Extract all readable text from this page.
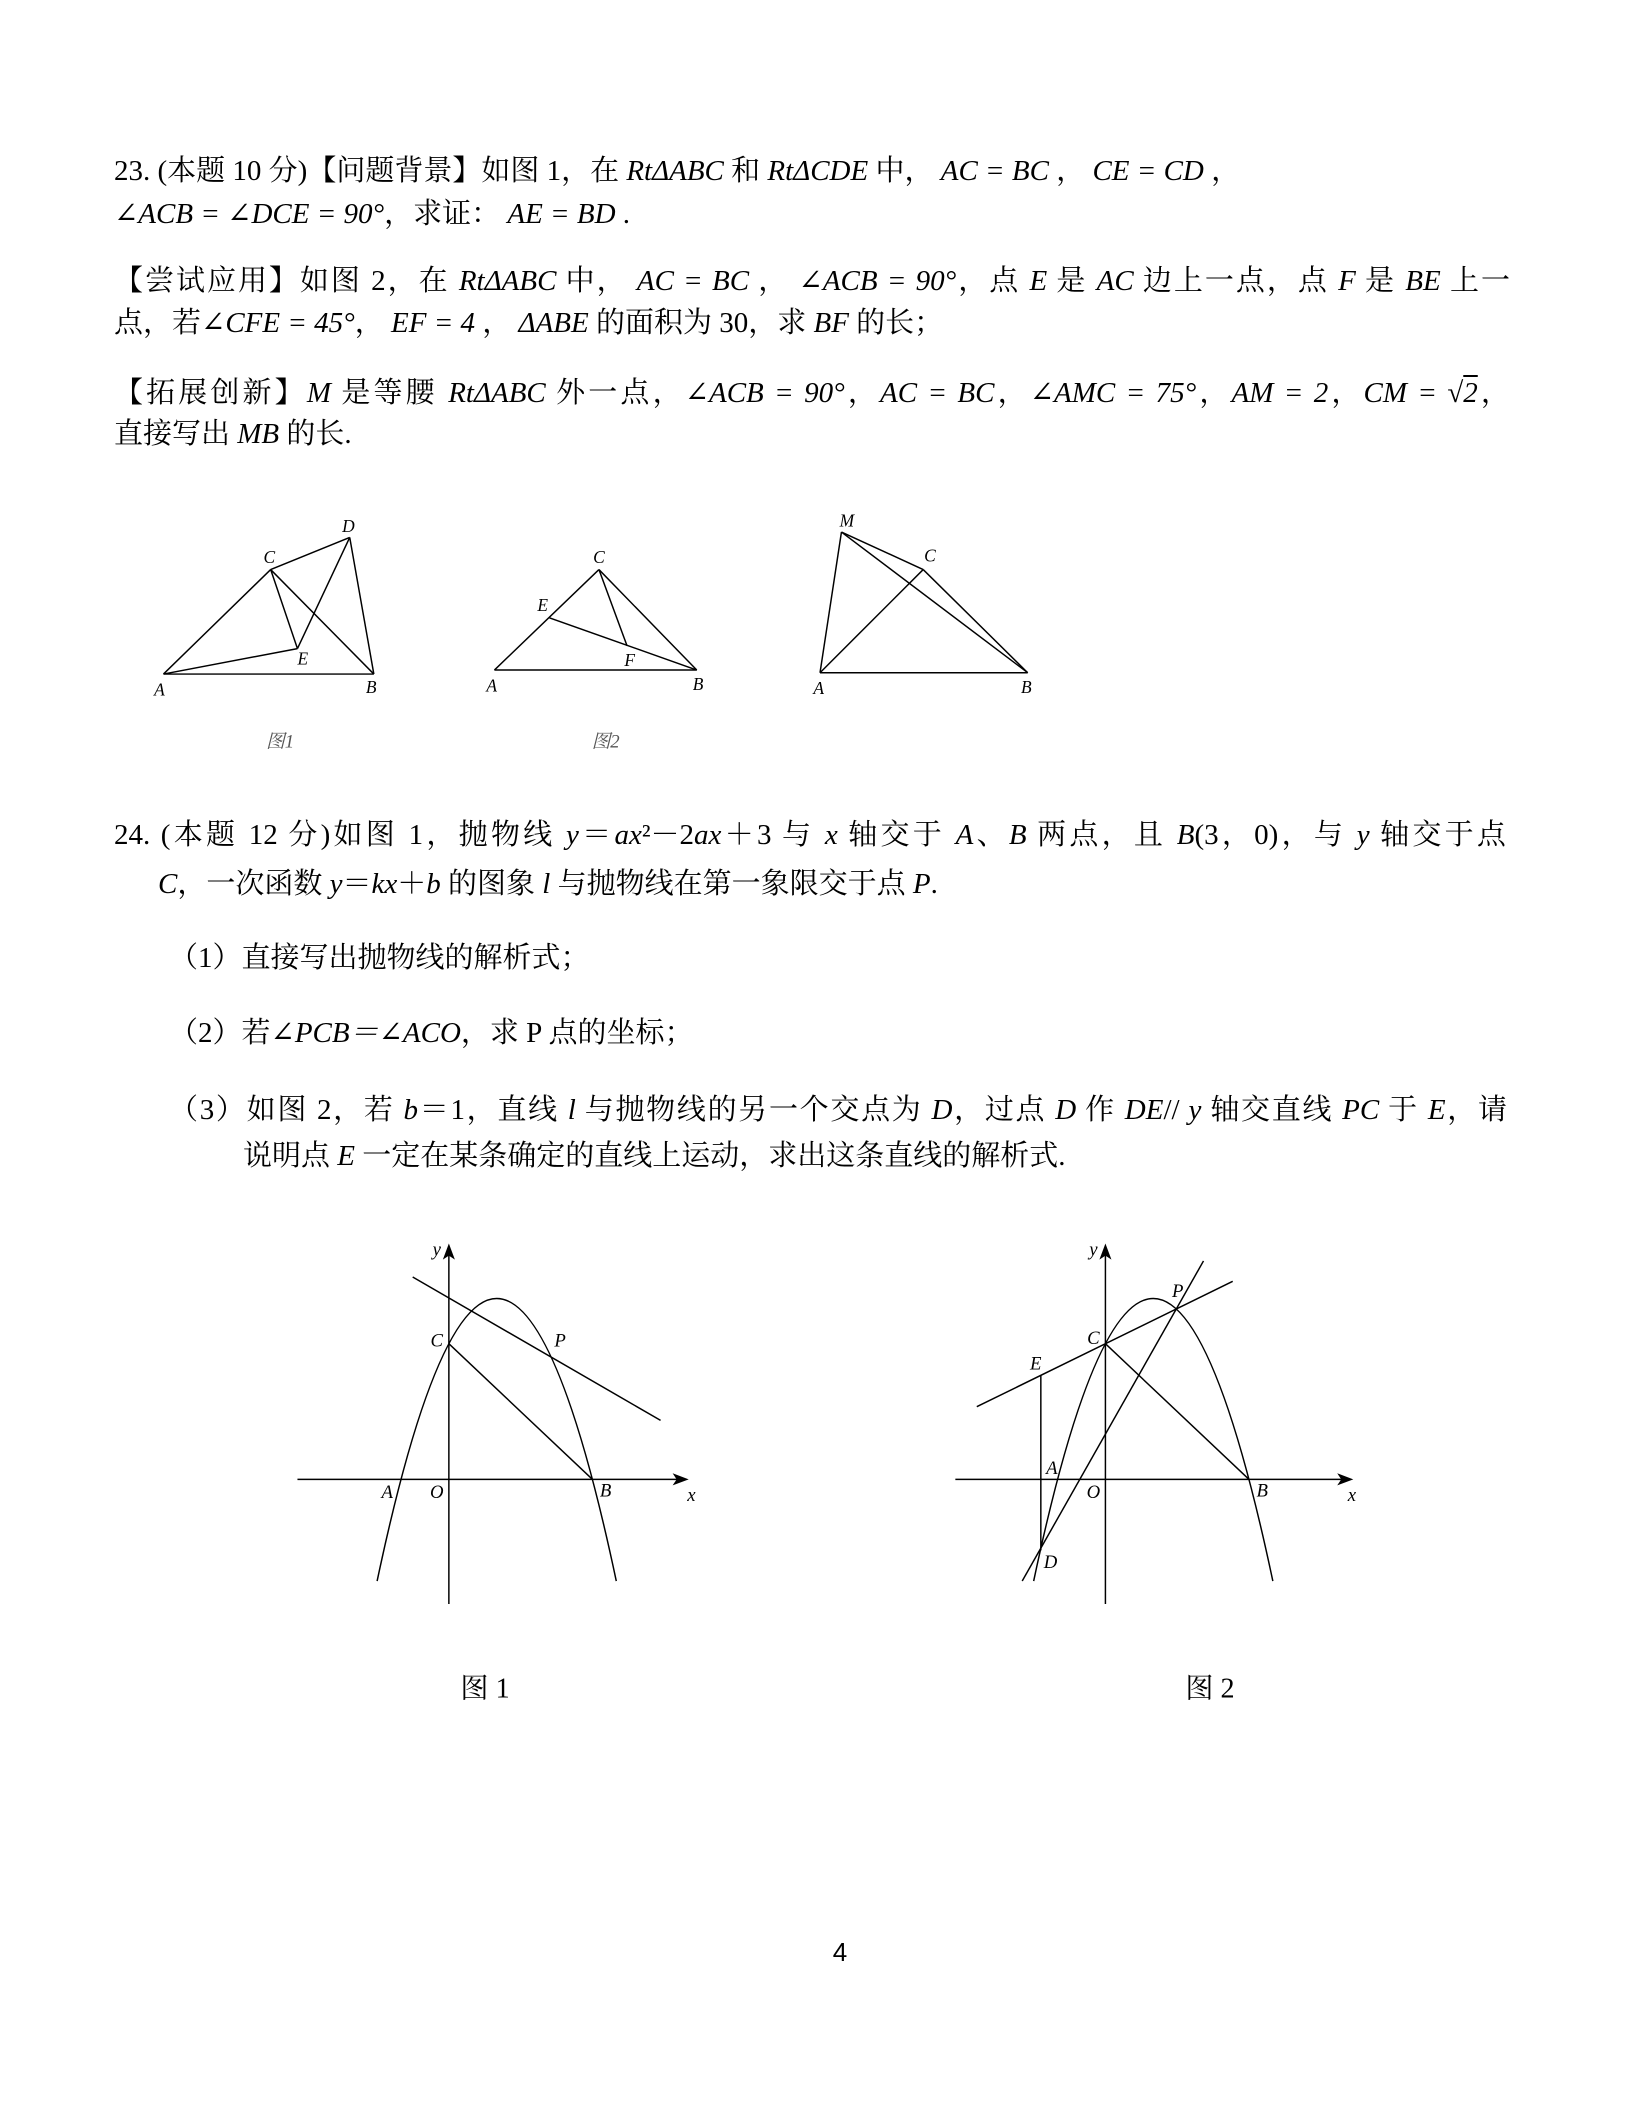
23. (本题 10 分)【问题背景】如图 1，在 RtΔABC 和 RtΔCDE 中， AC = BC ， CE = CD ，
∠ACB = ∠DCE = 90°，求证： AE = BD .
【尝试应用】如图 2，在 RtΔABC 中， AC = BC ， ∠ACB = 90°，点 E 是 AC 边上一点，点 F 是 BE 上一
点，若∠CFE = 45°， EF = 4 ， ΔABE 的面积为 30，求 BF 的长；
【拓展创新】M 是等腰 RtΔABC 外一点，∠ACB = 90°，AC = BC，∠AMC = 75°，AM = 2，CM = √2，
直接写出 MB 的长.
24. (本题 12 分)如图 1，抛物线 y＝ax²－2ax＋3 与 x 轴交于 A、B 两点，且 B(3，0)，与 y 轴交于点
C，一次函数 y＝kx＋b 的图象 l 与抛物线在第一象限交于点 P.
（1）直接写出抛物线的解析式；
（2）若∠PCB＝∠ACO，求 P 点的坐标；
（3）如图 2，若 b＝1，直线 l 与抛物线的另一个交点为 D，过点 D 作 DE// y 轴交直线 PC 于 E，请
说明点 E 一定在某条确定的直线上运动，求出这条直线的解析式.
A	B
C
D
E
图1
A	B
C
E
F
图2
A	B
C
M
y
x
O
A	B
C	P
图 1
y
x
O
A
B
C
E
D
P
图 2
4
